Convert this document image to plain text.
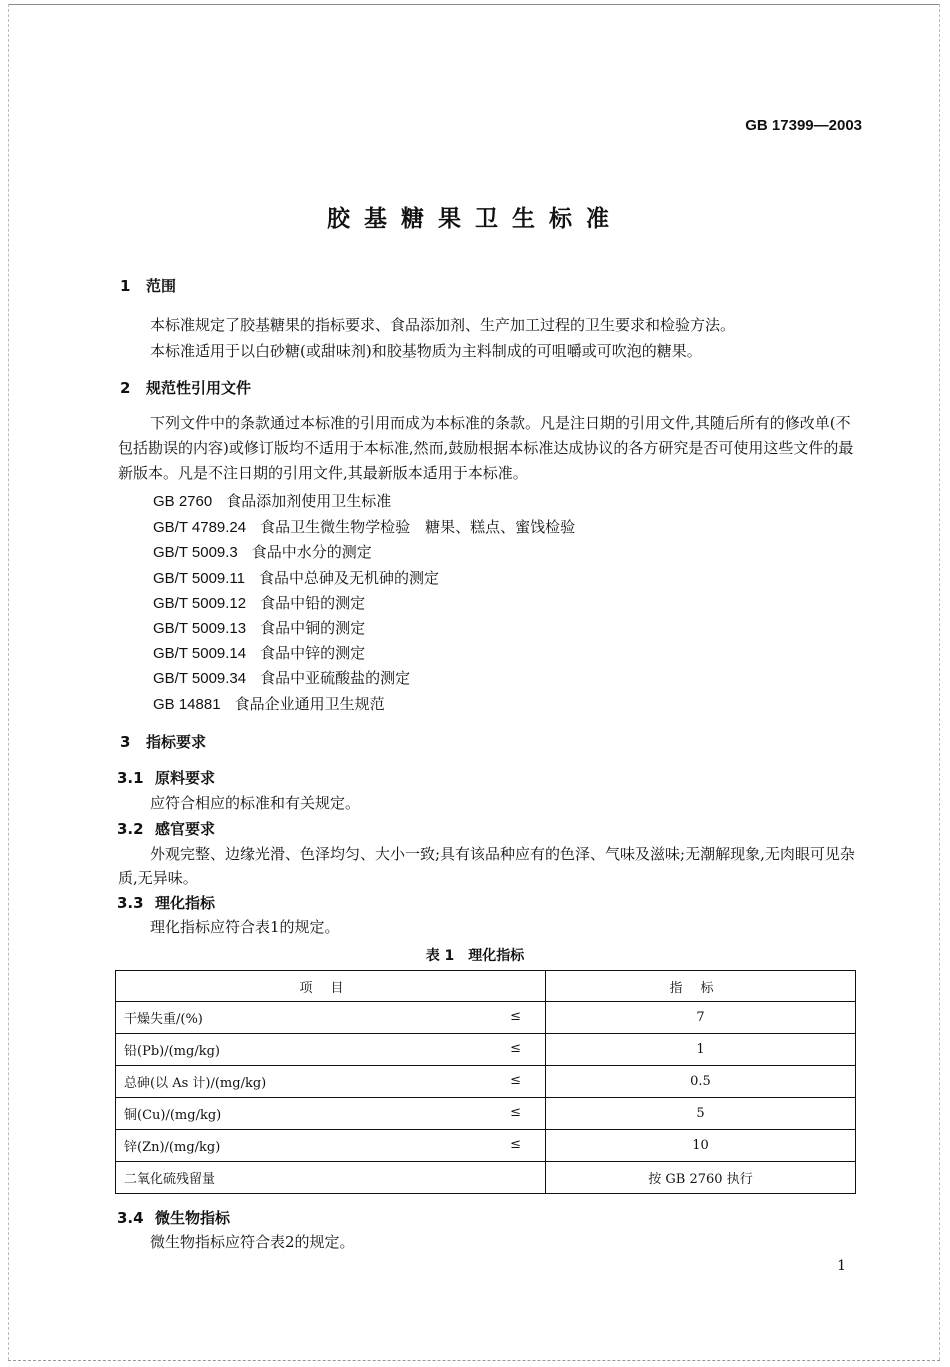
GB 17399—2003
胶基糖果卫生标准
1 范围
本标准规定了胶基糖果的指标要求、食品添加剂、生产加工过程的卫生要求和检验方法。
本标准适用于以白砂糖(或甜味剂)和胶基物质为主料制成的可咀嚼或可吹泡的糖果。
2 规范性引用文件
下列文件中的条款通过本标准的引用而成为本标准的条款。凡是注日期的引用文件,其随后所有的修改单(不包括勘误的内容)或修订版均不适用于本标准,然而,鼓励根据本标准达成协议的各方研究是否可使用这些文件的最新版本。凡是不注日期的引用文件,其最新版本适用于本标准。
GB 2760 食品添加剂使用卫生标准
GB/T 4789.24 食品卫生微生物学检验　糖果、糕点、蜜饯检验
GB/T 5009.3 食品中水分的测定
GB/T 5009.11 食品中总砷及无机砷的测定
GB/T 5009.12 食品中铅的测定
GB/T 5009.13 食品中铜的测定
GB/T 5009.14 食品中锌的测定
GB/T 5009.34 食品中亚硫酸盐的测定
GB 14881 食品企业通用卫生规范
3 指标要求
3.1 原料要求
应符合相应的标准和有关规定。
3.2 感官要求
外观完整、边缘光滑、色泽均匀、大小一致;具有该品种应有的色泽、气味及滋味;无潮解现象,无肉眼可见杂质,无异味。
3.3 理化指标
理化指标应符合表1的规定。
表 1　理化指标
项目	指标
干燥失重/(%) ≤	7
铅(Pb)/(mg/kg) ≤	1
总砷(以 As 计)/(mg/kg) ≤	0.5
铜(Cu)/(mg/kg) ≤	5
锌(Zn)/(mg/kg) ≤	10
二氧化硫残留量	按 GB 2760 执行
3.4 微生物指标
微生物指标应符合表2的规定。
1
